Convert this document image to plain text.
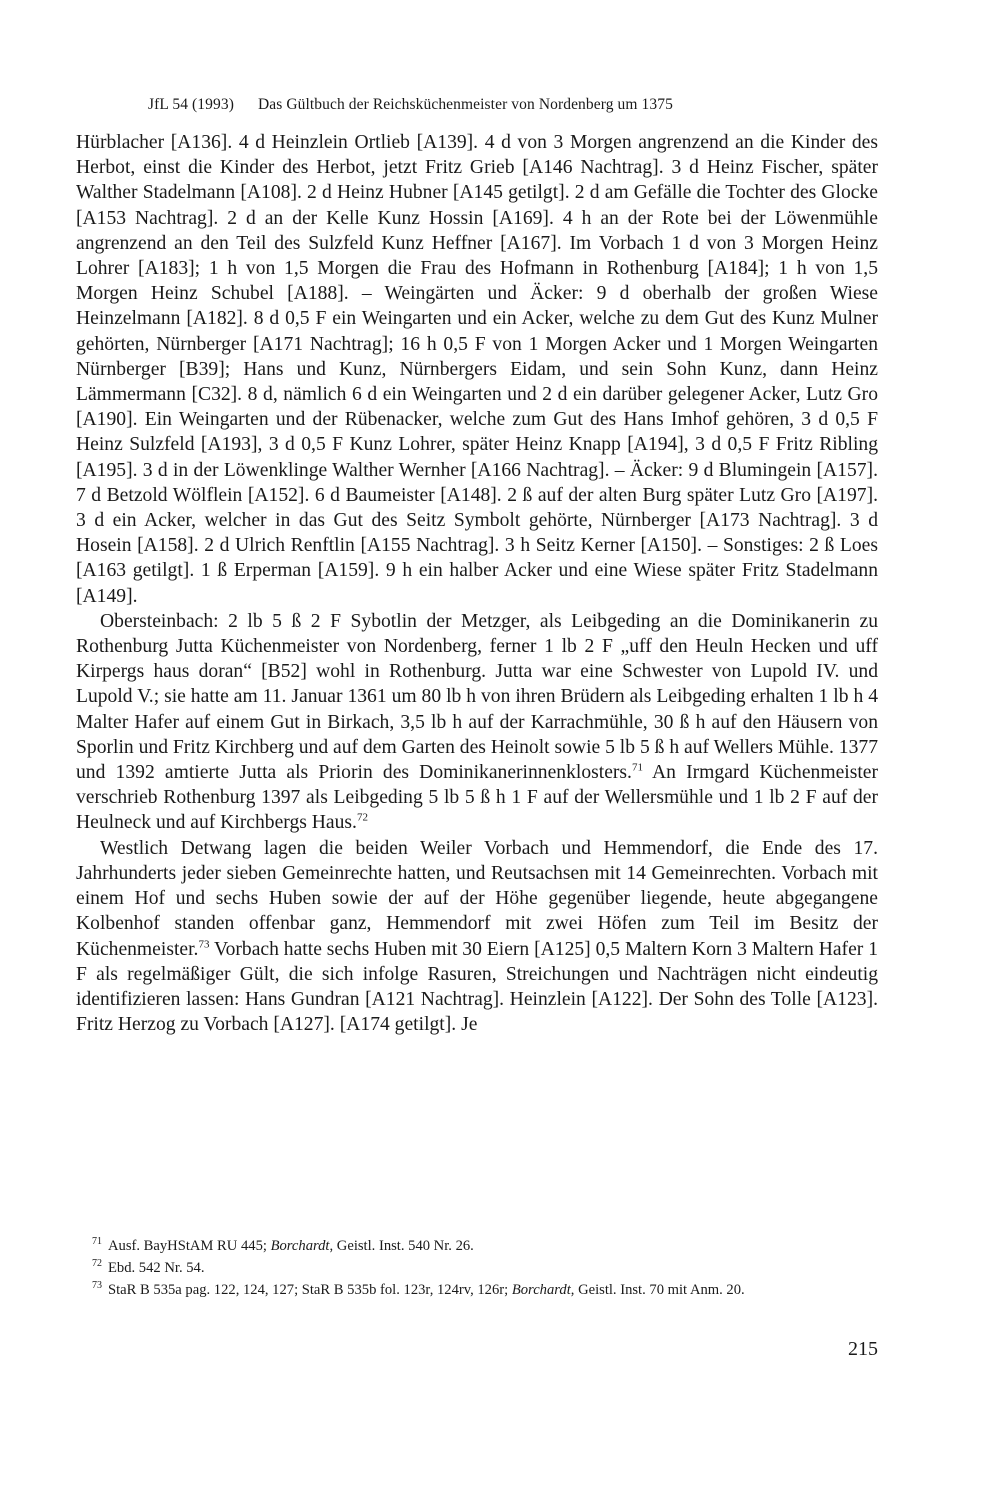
JfL 54 (1993) Das Gültbuch der Reichsküchenmeister von Nordenberg um 1375

Hürblacher [A136]. 4 d Heinzlein Ortlieb [A139]. 4 d von 3 Morgen angrenzend an die Kinder des Herbot, einst die Kinder des Herbot, jetzt Fritz Grieb [A146 Nachtrag]. 3 d Heinz Fischer, später Walther Stadelmann [A108]. 2 d Heinz Hubner [A145 getilgt]. 2 d am Gefälle die Tochter des Glocke [A153 Nachtrag]. 2 d an der Kelle Kunz Hossin [A169]. 4 h an der Rote bei der Löwenmühle angrenzend an den Teil des Sulzfeld Kunz Heffner [A167]. Im Vorbach 1 d von 3 Morgen Heinz Lohrer [A183]; 1 h von 1,5 Morgen die Frau des Hofmann in Rothenburg [A184]; 1 h von 1,5 Morgen Heinz Schubel [A188]. – Weingärten und Äcker: 9 d oberhalb der großen Wiese Heinzelmann [A182]. 8 d 0,5 F ein Weingarten und ein Acker, welche zu dem Gut des Kunz Mulner gehörten, Nürnberger [A171 Nachtrag]; 16 h 0,5 F von 1 Morgen Acker und 1 Morgen Weingarten Nürnberger [B39]; Hans und Kunz, Nürnbergers Eidam, und sein Sohn Kunz, dann Heinz Lämmermann [C32]. 8 d, nämlich 6 d ein Weingarten und 2 d ein darüber gelegener Acker, Lutz Gro [A190]. Ein Weingarten und der Rübenacker, welche zum Gut des Hans Imhof gehören, 3 d 0,5 F Heinz Sulzfeld [A193], 3 d 0,5 F Kunz Lohrer, später Heinz Knapp [A194], 3 d 0,5 F Fritz Ribling [A195]. 3 d in der Löwenklinge Walther Wernher [A166 Nachtrag]. – Äcker: 9 d Blumingein [A157]. 7 d Betzold Wölflein [A152]. 6 d Baumeister [A148]. 2 ß auf der alten Burg später Lutz Gro [A197]. 3 d ein Acker, welcher in das Gut des Seitz Symbolt gehörte, Nürnberger [A173 Nachtrag]. 3 d Hosein [A158]. 2 d Ulrich Renftlin [A155 Nachtrag]. 3 h Seitz Kerner [A150]. – Sonstiges: 2 ß Loes [A163 getilgt]. 1 ß Erperman [A159]. 9 h ein halber Acker und eine Wiese später Fritz Stadelmann [A149].

Obersteinbach: 2 lb 5 ß 2 F Sybotlin der Metzger, als Leibgeding an die Dominikanerin zu Rothenburg Jutta Küchenmeister von Nordenberg, ferner 1 lb 2 F „uff den Heuln Hecken und uff Kirpergs haus doran“ [B52] wohl in Rothenburg. Jutta war eine Schwester von Lupold IV. und Lupold V.; sie hatte am 11. Januar 1361 um 80 lb h von ihren Brüdern als Leibgeding erhalten 1 lb h 4 Malter Hafer auf einem Gut in Birkach, 3,5 lb h auf der Karrachmühle, 30 ß h auf den Häusern von Sporlin und Fritz Kirchberg und auf dem Garten des Heinolt sowie 5 lb 5 ß h auf Wellers Mühle. 1377 und 1392 amtierte Jutta als Priorin des Dominikanerinnenklosters.$^{71}$ An Irmgard Küchenmeister verschrieb Rothenburg 1397 als Leibgeding 5 lb 5 ß h 1 F auf der Wellersmühle und 1 lb 2 F auf der Heulneck und auf Kirchbergs Haus.$^{72}$

Westlich Detwang lagen die beiden Weiler Vorbach und Hemmendorf, die Ende des 17. Jahrhunderts jeder sieben Gemeinrechte hatten, und Reutsachsen mit 14 Gemeinrechten. Vorbach mit einem Hof und sechs Huben sowie der auf der Höhe gegenüber liegende, heute abgegangene Kolbenhof standen offenbar ganz, Hemmendorf mit zwei Höfen zum Teil im Besitz der Küchenmeister.$^{73}$ Vorbach hatte sechs Huben mit 30 Eiern [A125] 0,5 Maltern Korn 3 Maltern Hafer 1 F als regelmäßiger Gült, die sich infolge Rasuren, Streichungen und Nachträgen nicht eindeutig identifizieren lassen: Hans Gundran [A121 Nachtrag]. Heinzlein [A122]. Der Sohn des Tolle [A123]. Fritz Herzog zu Vorbach [A127]. [A174 getilgt]. Je

$^{71}$ Ausf. BayHStAM RU 445; Borchardt, Geistl. Inst. 540 Nr. 26.
$^{72}$ Ebd. 542 Nr. 54.
$^{73}$ StaR B 535a pag. 122, 124, 127; StaR B 535b fol. 123r, 124rv, 126r; Borchardt, Geistl. Inst. 70 mit Anm. 20.
215
